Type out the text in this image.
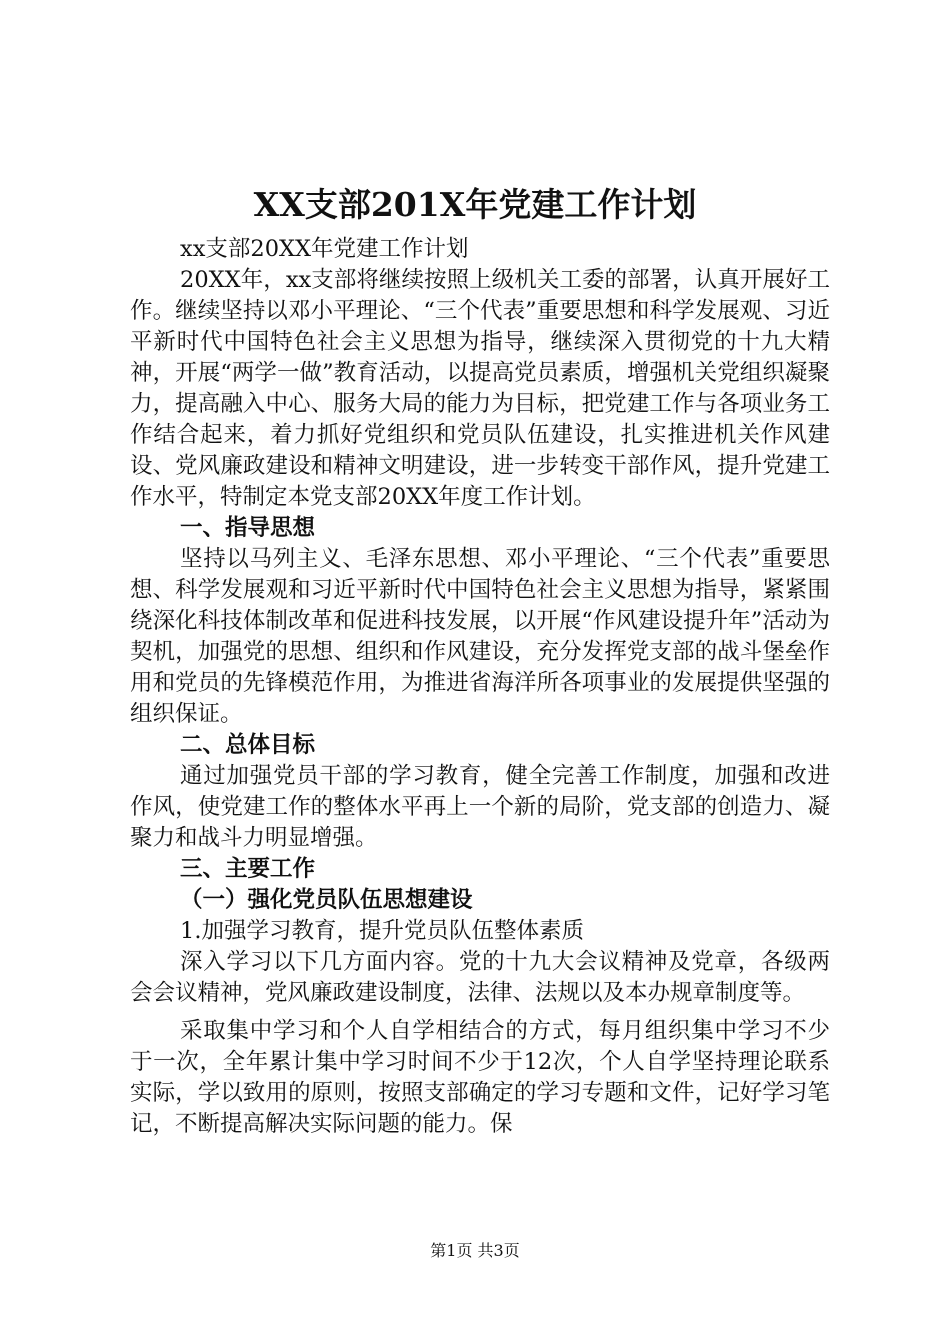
XX支部201X年党建工作计划

xx支部20XX年党建工作计划

20XX年，xx支部将继续按照上级机关工委的部署，认真开展好工作。继续坚持以邓小平理论、“三个代表”重要思想和科学发展观、习近平新时代中国特色社会主义思想为指导，继续深入贯彻党的十九大精神，开展“两学一做”教育活动，以提高党员素质，增强机关党组织凝聚力，提高融入中心、服务大局的能力为目标，把党建工作与各项业务工作结合起来，着力抓好党组织和党员队伍建设，扎实推进机关作风建设、党风廉政建设和精神文明建设，进一步转变干部作风，提升党建工作水平，特制定本党支部20XX年度工作计划。

一、指导思想

坚持以马列主义、毛泽东思想、邓小平理论、“三个代表”重要思想、科学发展观和习近平新时代中国特色社会主义思想为指导，紧紧围绕深化科技体制改革和促进科技发展，以开展“作风建设提升年”活动为契机，加强党的思想、组织和作风建设，充分发挥党支部的战斗堡垒作用和党员的先锋模范作用，为推进省海洋所各项事业的发展提供坚强的组织保证。

二、总体目标

通过加强党员干部的学习教育，健全完善工作制度，加强和改进作风，使党建工作的整体水平再上一个新的局阶，党支部的创造力、凝聚力和战斗力明显增强。

三、主要工作

（一）强化党员队伍思想建设

1.加强学习教育，提升党员队伍整体素质

深入学习以下几方面内容。党的十九大会议精神及党章，各级两会会议精神，党风廉政建设制度，法律、法规以及本办规章制度等。

采取集中学习和个人自学相结合的方式，每月组织集中学习不少于一次，全年累计集中学习时间不少于12次，个人自学坚持理论联系实际，学以致用的原则，按照支部确定的学习专题和文件，记好学习笔记，不断提高解决实际问题的能力。保

第1页 共3页
